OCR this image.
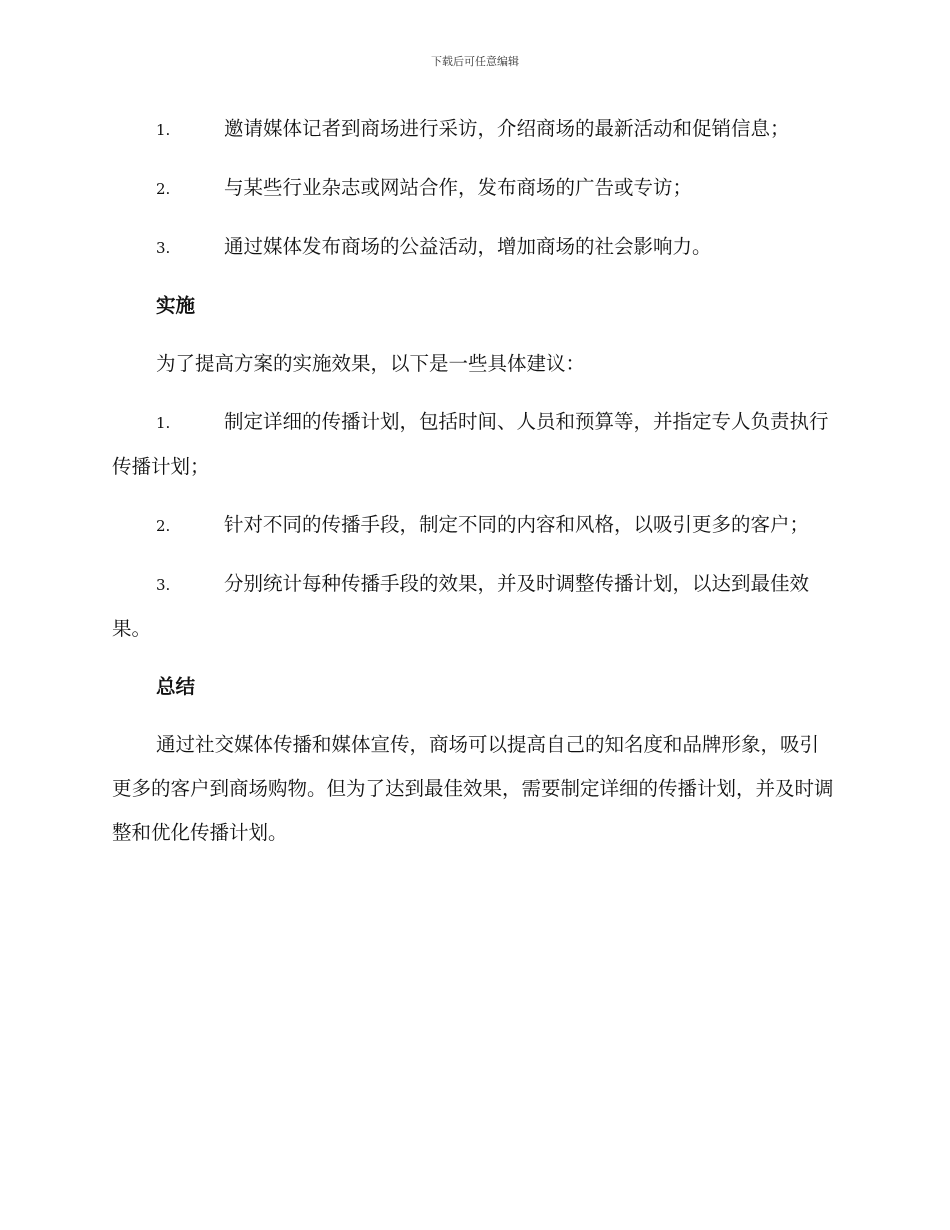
下载后可任意编辑
1.	邀请媒体记者到商场进行采访，介绍商场的最新活动和促销信息；
2.	与某些行业杂志或网站合作，发布商场的广告或专访；
3.	通过媒体发布商场的公益活动，增加商场的社会影响力。
实施
为了提高方案的实施效果，以下是一些具体建议：
1.	制定详细的传播计划，包括时间、人员和预算等，并指定专人负责执行传播计划；
2.	针对不同的传播手段，制定不同的内容和风格，以吸引更多的客户；
3.	分别统计每种传播手段的效果，并及时调整传播计划，以达到最佳效果。
总结
通过社交媒体传播和媒体宣传，商场可以提高自己的知名度和品牌形象，吸引更多的客户到商场购物。但为了达到最佳效果，需要制定详细的传播计划，并及时调整和优化传播计划。
